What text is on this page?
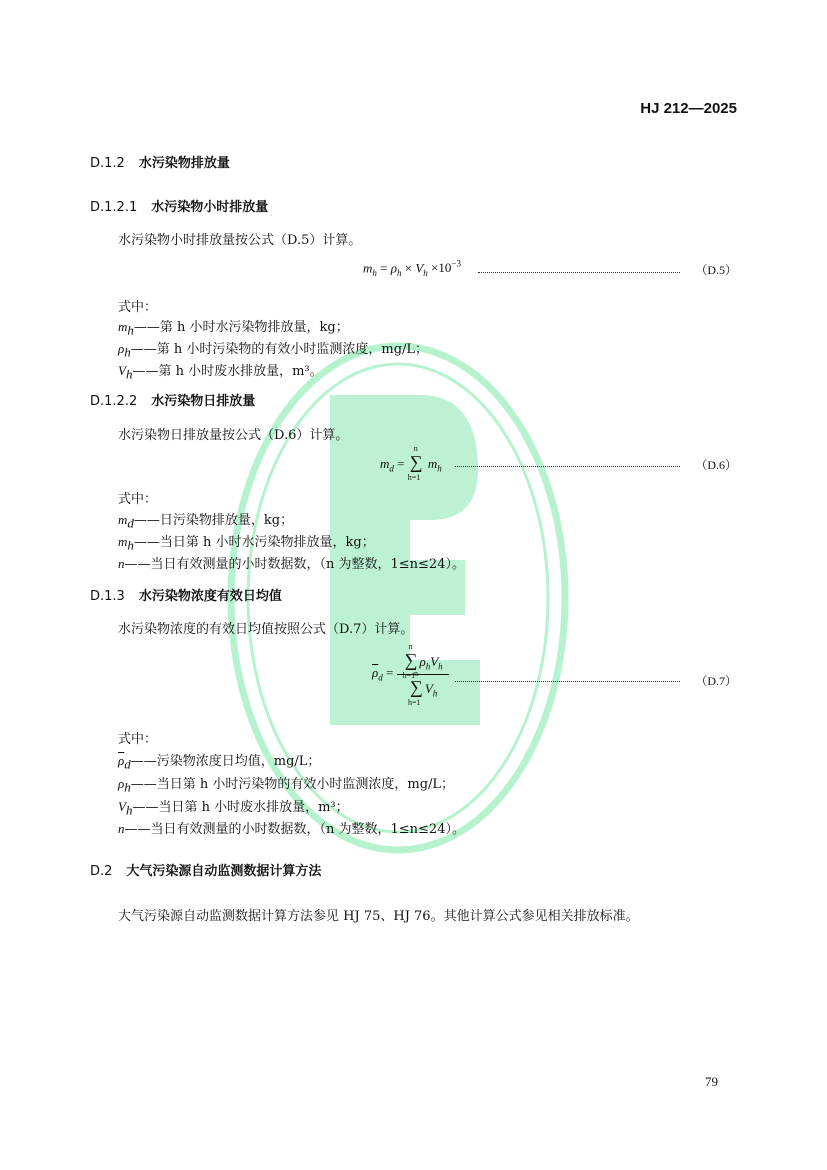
HJ 212—2025
D.1.2 水污染物排放量
D.1.2.1 水污染物小时排放量
水污染物小时排放量按公式（D.5）计算。
$m_h = \rho_h \times V_h \times 10^{-3}$	（D.5）
式中：
$m_h——$第 h 小时水污染物排放量，kg；
$\rho_h——$第 h 小时污染物的有效小时监测浓度，mg/L；
$V_h——$第 h 小时废水排放量，m³。
D.1.2.2 水污染物日排放量
水污染物日排放量按公式（D.6）计算。
$m_d$ =
n
∑
h=1
$m_h$	（D.6）
式中：
$m_d——$日污染物排放量，kg；
$m_h——$当日第 h 小时水污染物排放量，kg；
n——当日有效测量的小时数据数，（n 为整数，1≤n≤24）。
D.1.3 水污染物浓度有效日均值
水污染物浓度的有效日均值按照公式（D.7）计算。
$\overline{\rho}_d = n$
∑
h=1
$\rho_hV_h$
n
∑
h=1
$V_h$	（D.7）
式中：
$\overline{\rho}_d——$污染物浓度日均值，mg/L；
$\rho_h——$当日第 h 小时污染物的有效小时监测浓度，mg/L；
$V_h——$当日第 h 小时废水排放量，m³；
n——当日有效测量的小时数据数，（n 为整数，1≤n≤24）。
D.2 大气污染源自动监测数据计算方法
大气污染源自动监测数据计算方法参见 HJ 75、HJ 76。其他计算公式参见相关排放标准。
79
